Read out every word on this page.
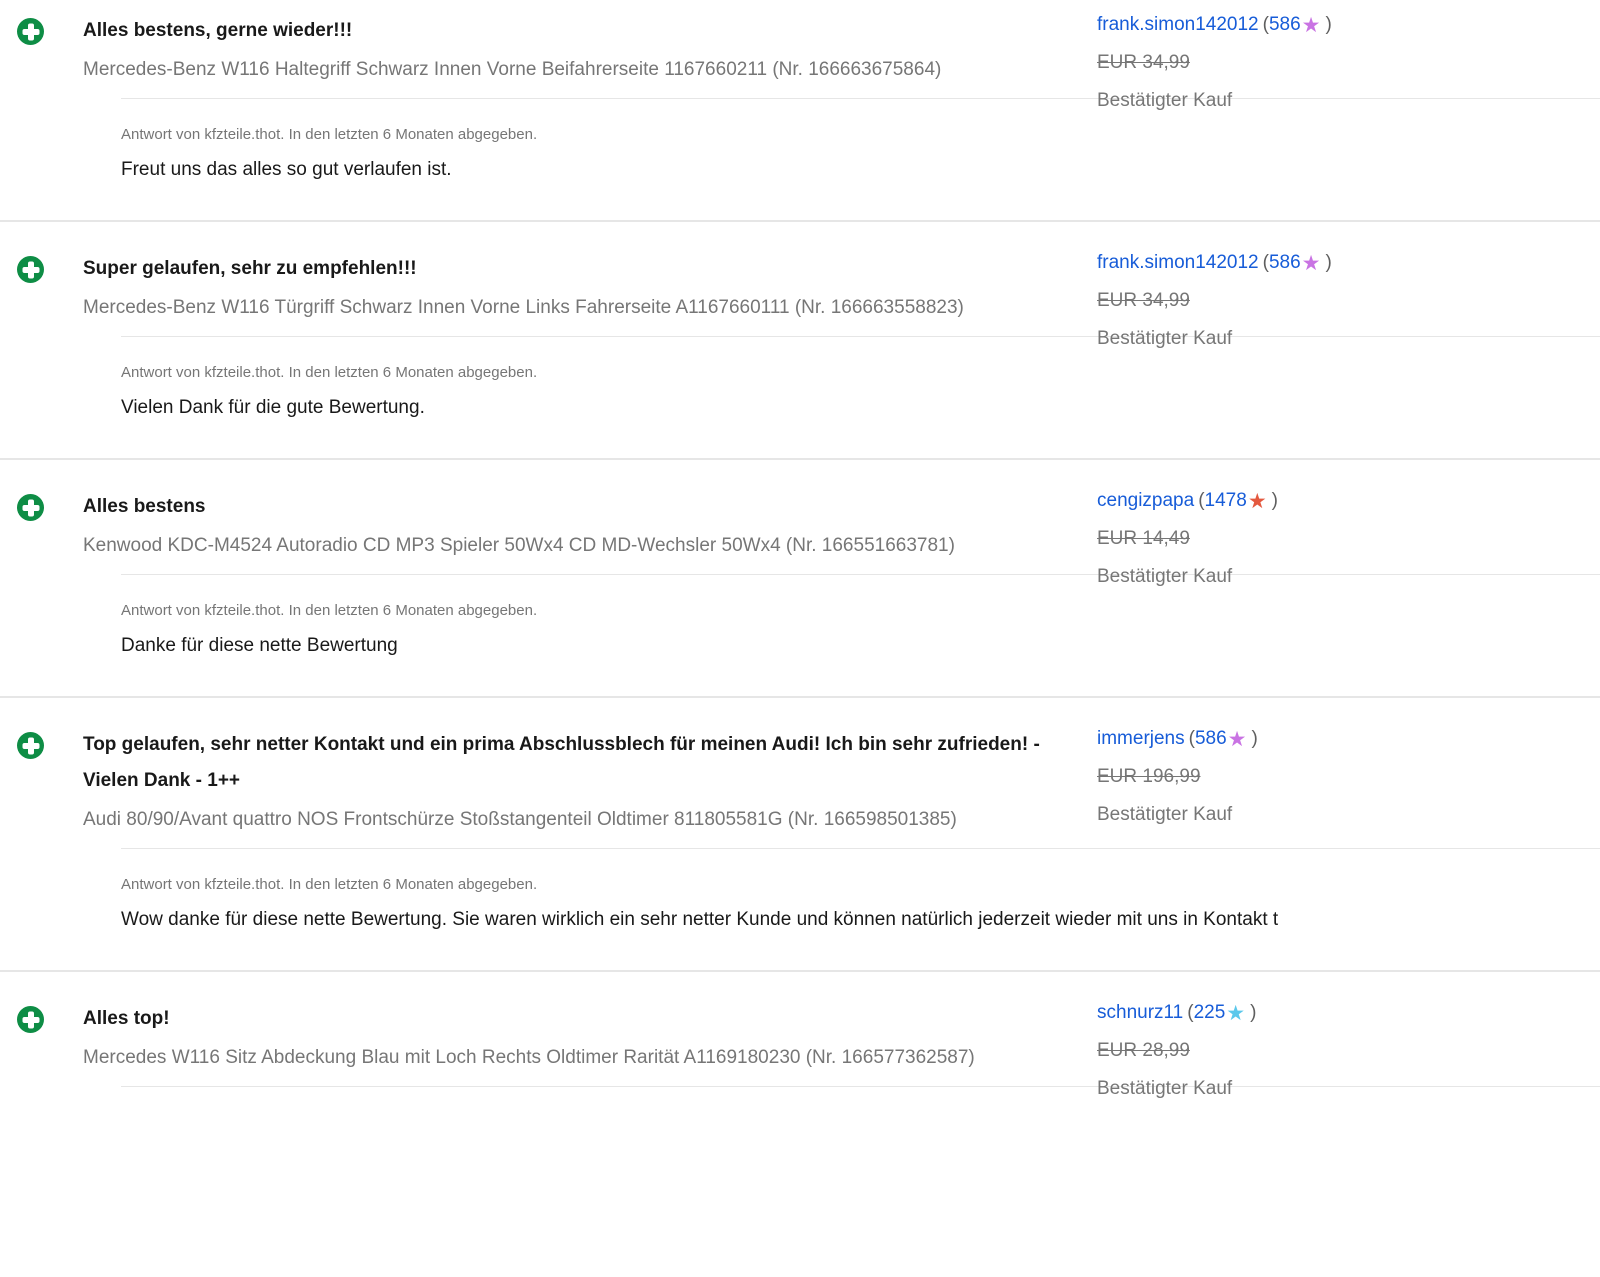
Alles bestens, gerne wieder!!!

Mercedes-Benz W116 Haltegriff Schwarz Innen Vorne Beifahrerseite 1167660211 (Nr. 166663675864)

frank.simon142012 (586★ )
EUR 34,99
Bestätigter Kauf

Antwort von kfzteile.thot. In den letzten 6 Monaten abgegeben.

Freut uns das alles so gut verlaufen ist.

Super gelaufen, sehr zu empfehlen!!!

Mercedes-Benz W116 Türgriff Schwarz Innen Vorne Links Fahrerseite A1167660111 (Nr. 166663558823)

frank.simon142012 (586★ )
EUR 34,99
Bestätigter Kauf

Antwort von kfzteile.thot. In den letzten 6 Monaten abgegeben.

Vielen Dank für die gute Bewertung.

Alles bestens

Kenwood KDC-M4524 Autoradio CD MP3 Spieler 50Wx4 CD MD-Wechsler 50Wx4 (Nr. 166551663781)

cengizpapa (1478★ )
EUR 14,49
Bestätigter Kauf

Antwort von kfzteile.thot. In den letzten 6 Monaten abgegeben.

Danke für diese nette Bewertung

Top gelaufen, sehr netter Kontakt und ein prima Abschlussblech für meinen Audi! Ich bin sehr zufrieden! - Vielen Dank - 1++

Audi 80/90/Avant quattro NOS Frontschürze Stoßstangenteil Oldtimer 811805581G (Nr. 166598501385)

immerjens (586★ )
EUR 196,99
Bestätigter Kauf

Antwort von kfzteile.thot. In den letzten 6 Monaten abgegeben.

Wow danke für diese nette Bewertung. Sie waren wirklich ein sehr netter Kunde und können natürlich jederzeit wieder mit uns in Kontakt t

Alles top!

Mercedes W116 Sitz Abdeckung Blau mit Loch Rechts Oldtimer Rarität A1169180230 (Nr. 166577362587)

schnurz11 (225★ )
EUR 28,99
Bestätigter Kauf
